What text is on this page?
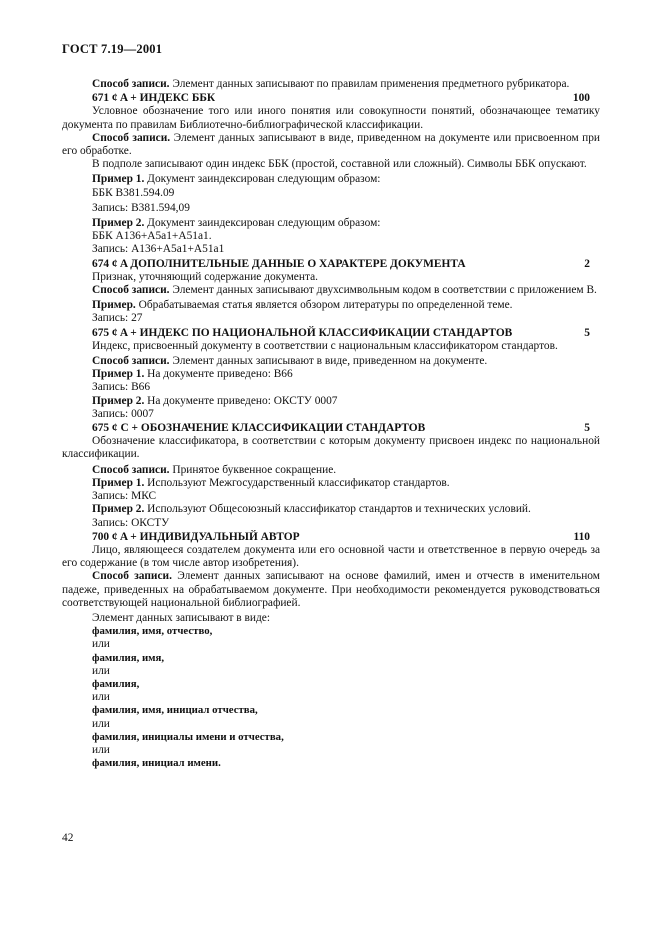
ГОСТ 7.19—2001

Способ записи. Элемент данных записывают по правилам применения предметного рубрикатора.

671 ¢ A + ИНДЕКС ББК	100

Условное обозначение того или иного понятия или совокупности понятий, обозначающее тематику документа по правилам Библиотечно-библиографической классификации.

Способ записи. Элемент данных записывают в виде, приведенном на документе или присвоенном при его обработке.

В подполе записывают один индекс ББК (простой, составной или сложный). Символы ББК опускают.

Пример 1. Документ заиндексирован следующим образом:

ББК В381.594.09

Запись: В381.594,09

Пример 2. Документ заиндексирован следующим образом:

ББК А136+А5а1+А51а1.

Запись: А136+А5а1+А51а1

674 ¢ A ДОПОЛНИТЕЛЬНЫЕ ДАННЫЕ О ХАРАКТЕРЕ ДОКУМЕНТА	2

Признак, уточняющий содержание документа.

Способ записи. Элемент данных записывают двухсимвольным кодом в соответствии с приложением В.

Пример. Обрабатываемая статья является обзором литературы по определенной теме.

Запись: 27

675 ¢ A + ИНДЕКС ПО НАЦИОНАЛЬНОЙ КЛАССИФИКАЦИИ СТАНДАРТОВ	5

Индекс, присвоенный документу в соответствии с национальным классификатором стандартов.

Способ записи. Элемент данных записывают в виде, приведенном на документе.

Пример 1. На документе приведено: В66

Запись: В66

Пример 2. На документе приведено: ОКСТУ 0007

Запись: 0007

675 ¢ C + ОБОЗНАЧЕНИЕ КЛАССИФИКАЦИИ СТАНДАРТОВ	5

Обозначение классификатора, в соответствии с которым документу присвоен индекс по национальной классификации.

Способ записи. Принятое буквенное сокращение.

Пример 1. Используют Межгосударственный классификатор стандартов.

Запись: МКС

Пример 2. Используют Общесоюзный классификатор стандартов и технических условий.

Запись: ОКСТУ

700 ¢ A + ИНДИВИДУАЛЬНЫЙ АВТОР	110

Лицо, являющееся создателем документа или его основной части и ответственное в первую очередь за его содержание (в том числе автор изобретения).

Способ записи. Элемент данных записывают на основе фамилий, имен и отчеств в именительном падеже, приведенных на обрабатываемом документе. При необходимости рекомендуется руководствоваться соответствующей национальной библиографией.

Элемент данных записывают в виде:

фамилия, имя, отчество,

или

фамилия, имя,

или

фамилия,

или

фамилия, имя, инициал отчества,

или

фамилия, инициалы имени и отчества,

или

фамилия, инициал имени.

42
